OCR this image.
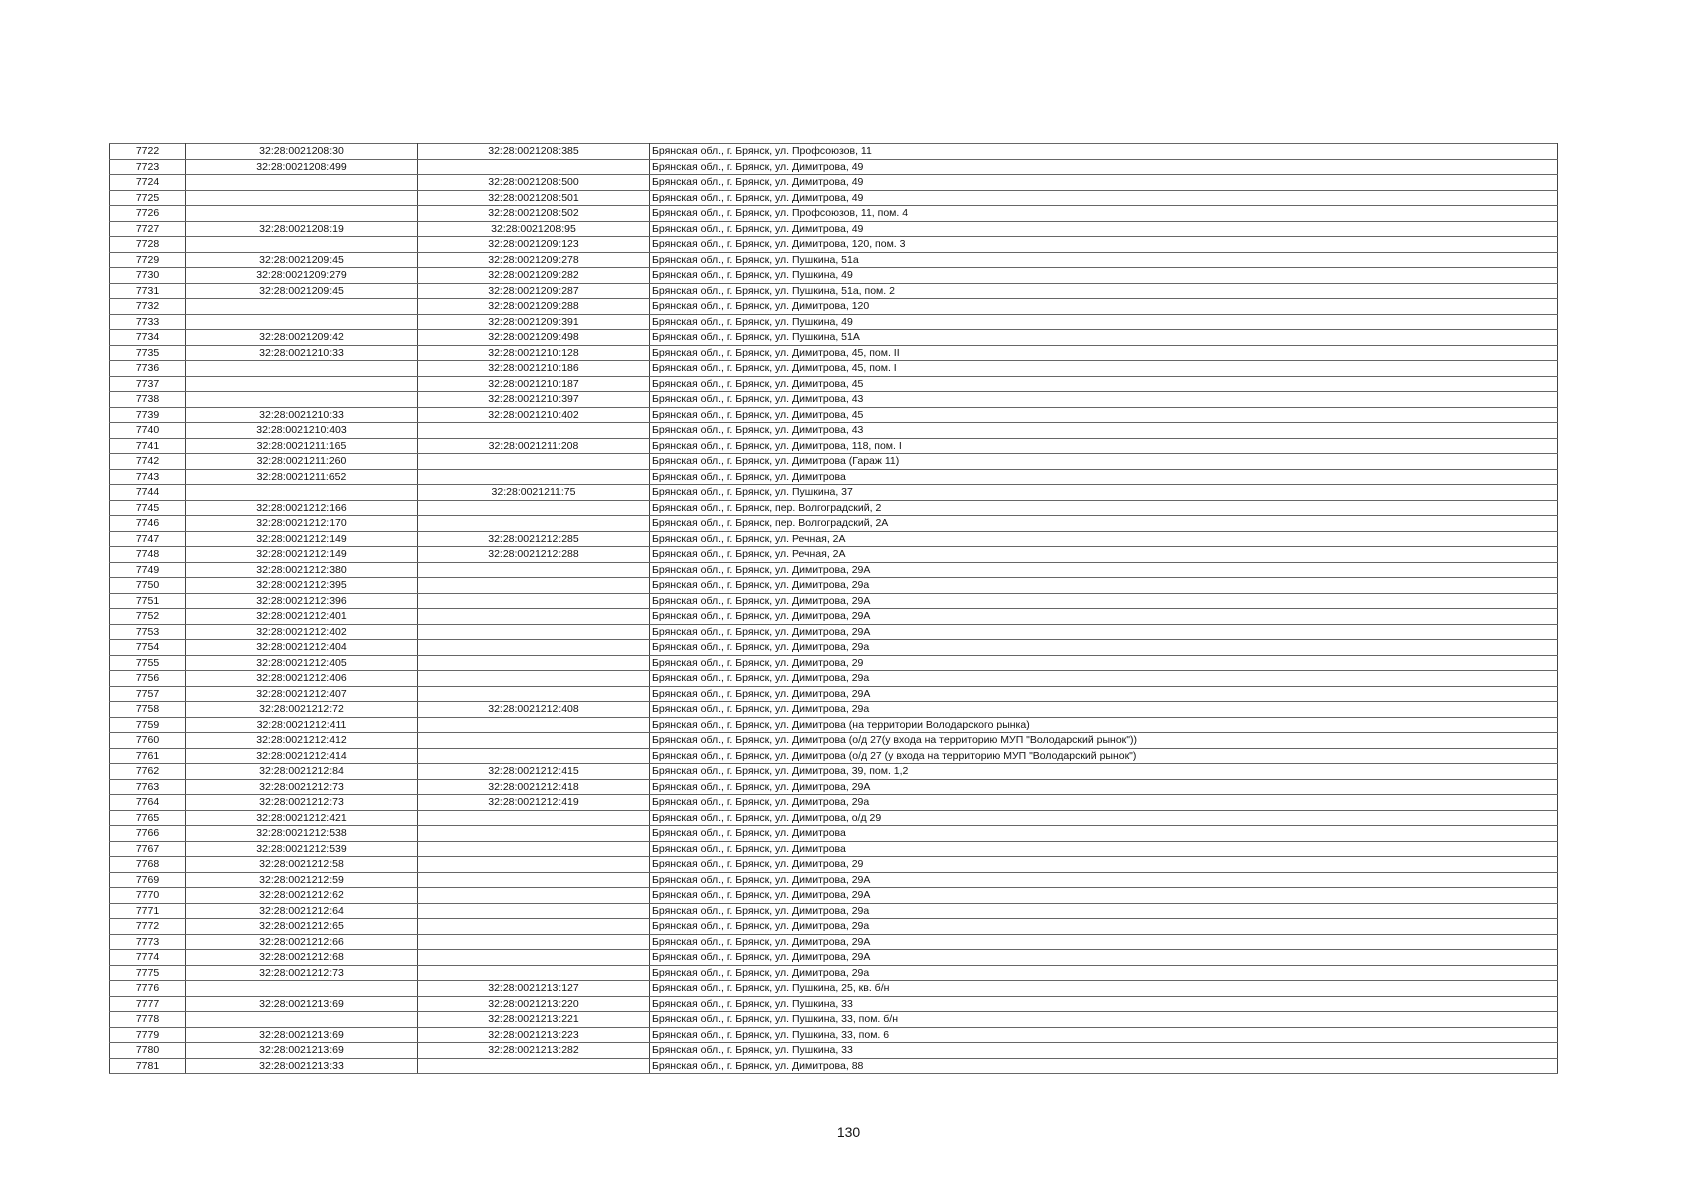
7722	32:28:0021208:30	32:28:0021208:385	Брянская обл., г. Брянск, ул. Профсоюзов, 11
7723	32:28:0021208:499		Брянская обл., г. Брянск, ул. Димитрова, 49
7724		32:28:0021208:500	Брянская обл., г. Брянск, ул. Димитрова, 49
7725		32:28:0021208:501	Брянская обл., г. Брянск, ул. Димитрова, 49
7726		32:28:0021208:502	Брянская обл., г. Брянск, ул. Профсоюзов, 11, пом. 4
7727	32:28:0021208:19	32:28:0021208:95	Брянская обл., г. Брянск, ул. Димитрова, 49
7728		32:28:0021209:123	Брянская обл., г. Брянск, ул. Димитрова, 120, пом. 3
7729	32:28:0021209:45	32:28:0021209:278	Брянская обл., г. Брянск, ул. Пушкина, 51а
7730	32:28:0021209:279	32:28:0021209:282	Брянская обл., г. Брянск, ул. Пушкина, 49
7731	32:28:0021209:45	32:28:0021209:287	Брянская обл., г. Брянск, ул. Пушкина, 51а, пом. 2
7732		32:28:0021209:288	Брянская обл., г. Брянск, ул. Димитрова, 120
7733		32:28:0021209:391	Брянская обл., г. Брянск, ул. Пушкина, 49
7734	32:28:0021209:42	32:28:0021209:498	Брянская обл., г. Брянск, ул. Пушкина, 51А
7735	32:28:0021210:33	32:28:0021210:128	Брянская обл., г. Брянск, ул. Димитрова, 45, пом. II
7736		32:28:0021210:186	Брянская обл., г. Брянск, ул. Димитрова, 45, пом. I
7737		32:28:0021210:187	Брянская обл., г. Брянск, ул. Димитрова, 45
7738		32:28:0021210:397	Брянская обл., г. Брянск, ул. Димитрова, 43
7739	32:28:0021210:33	32:28:0021210:402	Брянская обл., г. Брянск, ул. Димитрова, 45
7740	32:28:0021210:403		Брянская обл., г. Брянск, ул. Димитрова, 43
7741	32:28:0021211:165	32:28:0021211:208	Брянская обл., г. Брянск, ул. Димитрова, 118, пом. I
7742	32:28:0021211:260		Брянская обл., г. Брянск, ул. Димитрова (Гараж 11)
7743	32:28:0021211:652		Брянская обл., г. Брянск, ул. Димитрова
7744		32:28:0021211:75	Брянская обл., г. Брянск, ул. Пушкина, 37
7745	32:28:0021212:166		Брянская обл., г. Брянск, пер. Волгоградский, 2
7746	32:28:0021212:170		Брянская обл., г. Брянск, пер. Волгоградский, 2А
7747	32:28:0021212:149	32:28:0021212:285	Брянская обл., г. Брянск, ул. Речная, 2А
7748	32:28:0021212:149	32:28:0021212:288	Брянская обл., г. Брянск, ул. Речная, 2А
7749	32:28:0021212:380		Брянская обл., г. Брянск, ул. Димитрова, 29А
7750	32:28:0021212:395		Брянская обл., г. Брянск, ул. Димитрова, 29а
7751	32:28:0021212:396		Брянская обл., г. Брянск, ул. Димитрова, 29А
7752	32:28:0021212:401		Брянская обл., г. Брянск, ул. Димитрова, 29А
7753	32:28:0021212:402		Брянская обл., г. Брянск, ул. Димитрова, 29А
7754	32:28:0021212:404		Брянская обл., г. Брянск, ул. Димитрова, 29а
7755	32:28:0021212:405		Брянская обл., г. Брянск, ул. Димитрова, 29
7756	32:28:0021212:406		Брянская обл., г. Брянск, ул. Димитрова, 29а
7757	32:28:0021212:407		Брянская обл., г. Брянск, ул. Димитрова, 29А
7758	32:28:0021212:72	32:28:0021212:408	Брянская обл., г. Брянск, ул. Димитрова, 29а
7759	32:28:0021212:411		Брянская обл., г. Брянск, ул. Димитрова (на территории Володарского рынка)
7760	32:28:0021212:412		Брянская обл., г. Брянск, ул. Димитрова (о/д 27(у входа на территорию МУП "Володарский рынок"))
7761	32:28:0021212:414		Брянская обл., г. Брянск, ул. Димитрова (о/д 27 (у входа на территорию МУП "Володарский рынок")
7762	32:28:0021212:84	32:28:0021212:415	Брянская обл., г. Брянск, ул. Димитрова, 39, пом. 1,2
7763	32:28:0021212:73	32:28:0021212:418	Брянская обл., г. Брянск, ул. Димитрова, 29А
7764	32:28:0021212:73	32:28:0021212:419	Брянская обл., г. Брянск, ул. Димитрова, 29а
7765	32:28:0021212:421		Брянская обл., г. Брянск, ул. Димитрова, о/д 29
7766	32:28:0021212:538		Брянская обл., г. Брянск, ул. Димитрова
7767	32:28:0021212:539		Брянская обл., г. Брянск, ул. Димитрова
7768	32:28:0021212:58		Брянская обл., г. Брянск, ул. Димитрова, 29
7769	32:28:0021212:59		Брянская обл., г. Брянск, ул. Димитрова, 29А
7770	32:28:0021212:62		Брянская обл., г. Брянск, ул. Димитрова, 29А
7771	32:28:0021212:64		Брянская обл., г. Брянск, ул. Димитрова, 29а
7772	32:28:0021212:65		Брянская обл., г. Брянск, ул. Димитрова, 29а
7773	32:28:0021212:66		Брянская обл., г. Брянск, ул. Димитрова, 29А
7774	32:28:0021212:68		Брянская обл., г. Брянск, ул. Димитрова, 29А
7775	32:28:0021212:73		Брянская обл., г. Брянск, ул. Димитрова, 29а
7776		32:28:0021213:127	Брянская обл., г. Брянск, ул. Пушкина, 25, кв. б/н
7777	32:28:0021213:69	32:28:0021213:220	Брянская обл., г. Брянск, ул. Пушкина, 33
7778		32:28:0021213:221	Брянская обл., г. Брянск, ул. Пушкина, 33, пом. б/н
7779	32:28:0021213:69	32:28:0021213:223	Брянская обл., г. Брянск, ул. Пушкина, 33, пом. 6
7780	32:28:0021213:69	32:28:0021213:282	Брянская обл., г. Брянск, ул. Пушкина, 33
7781	32:28:0021213:33		Брянская обл., г. Брянск, ул. Димитрова, 88
130
